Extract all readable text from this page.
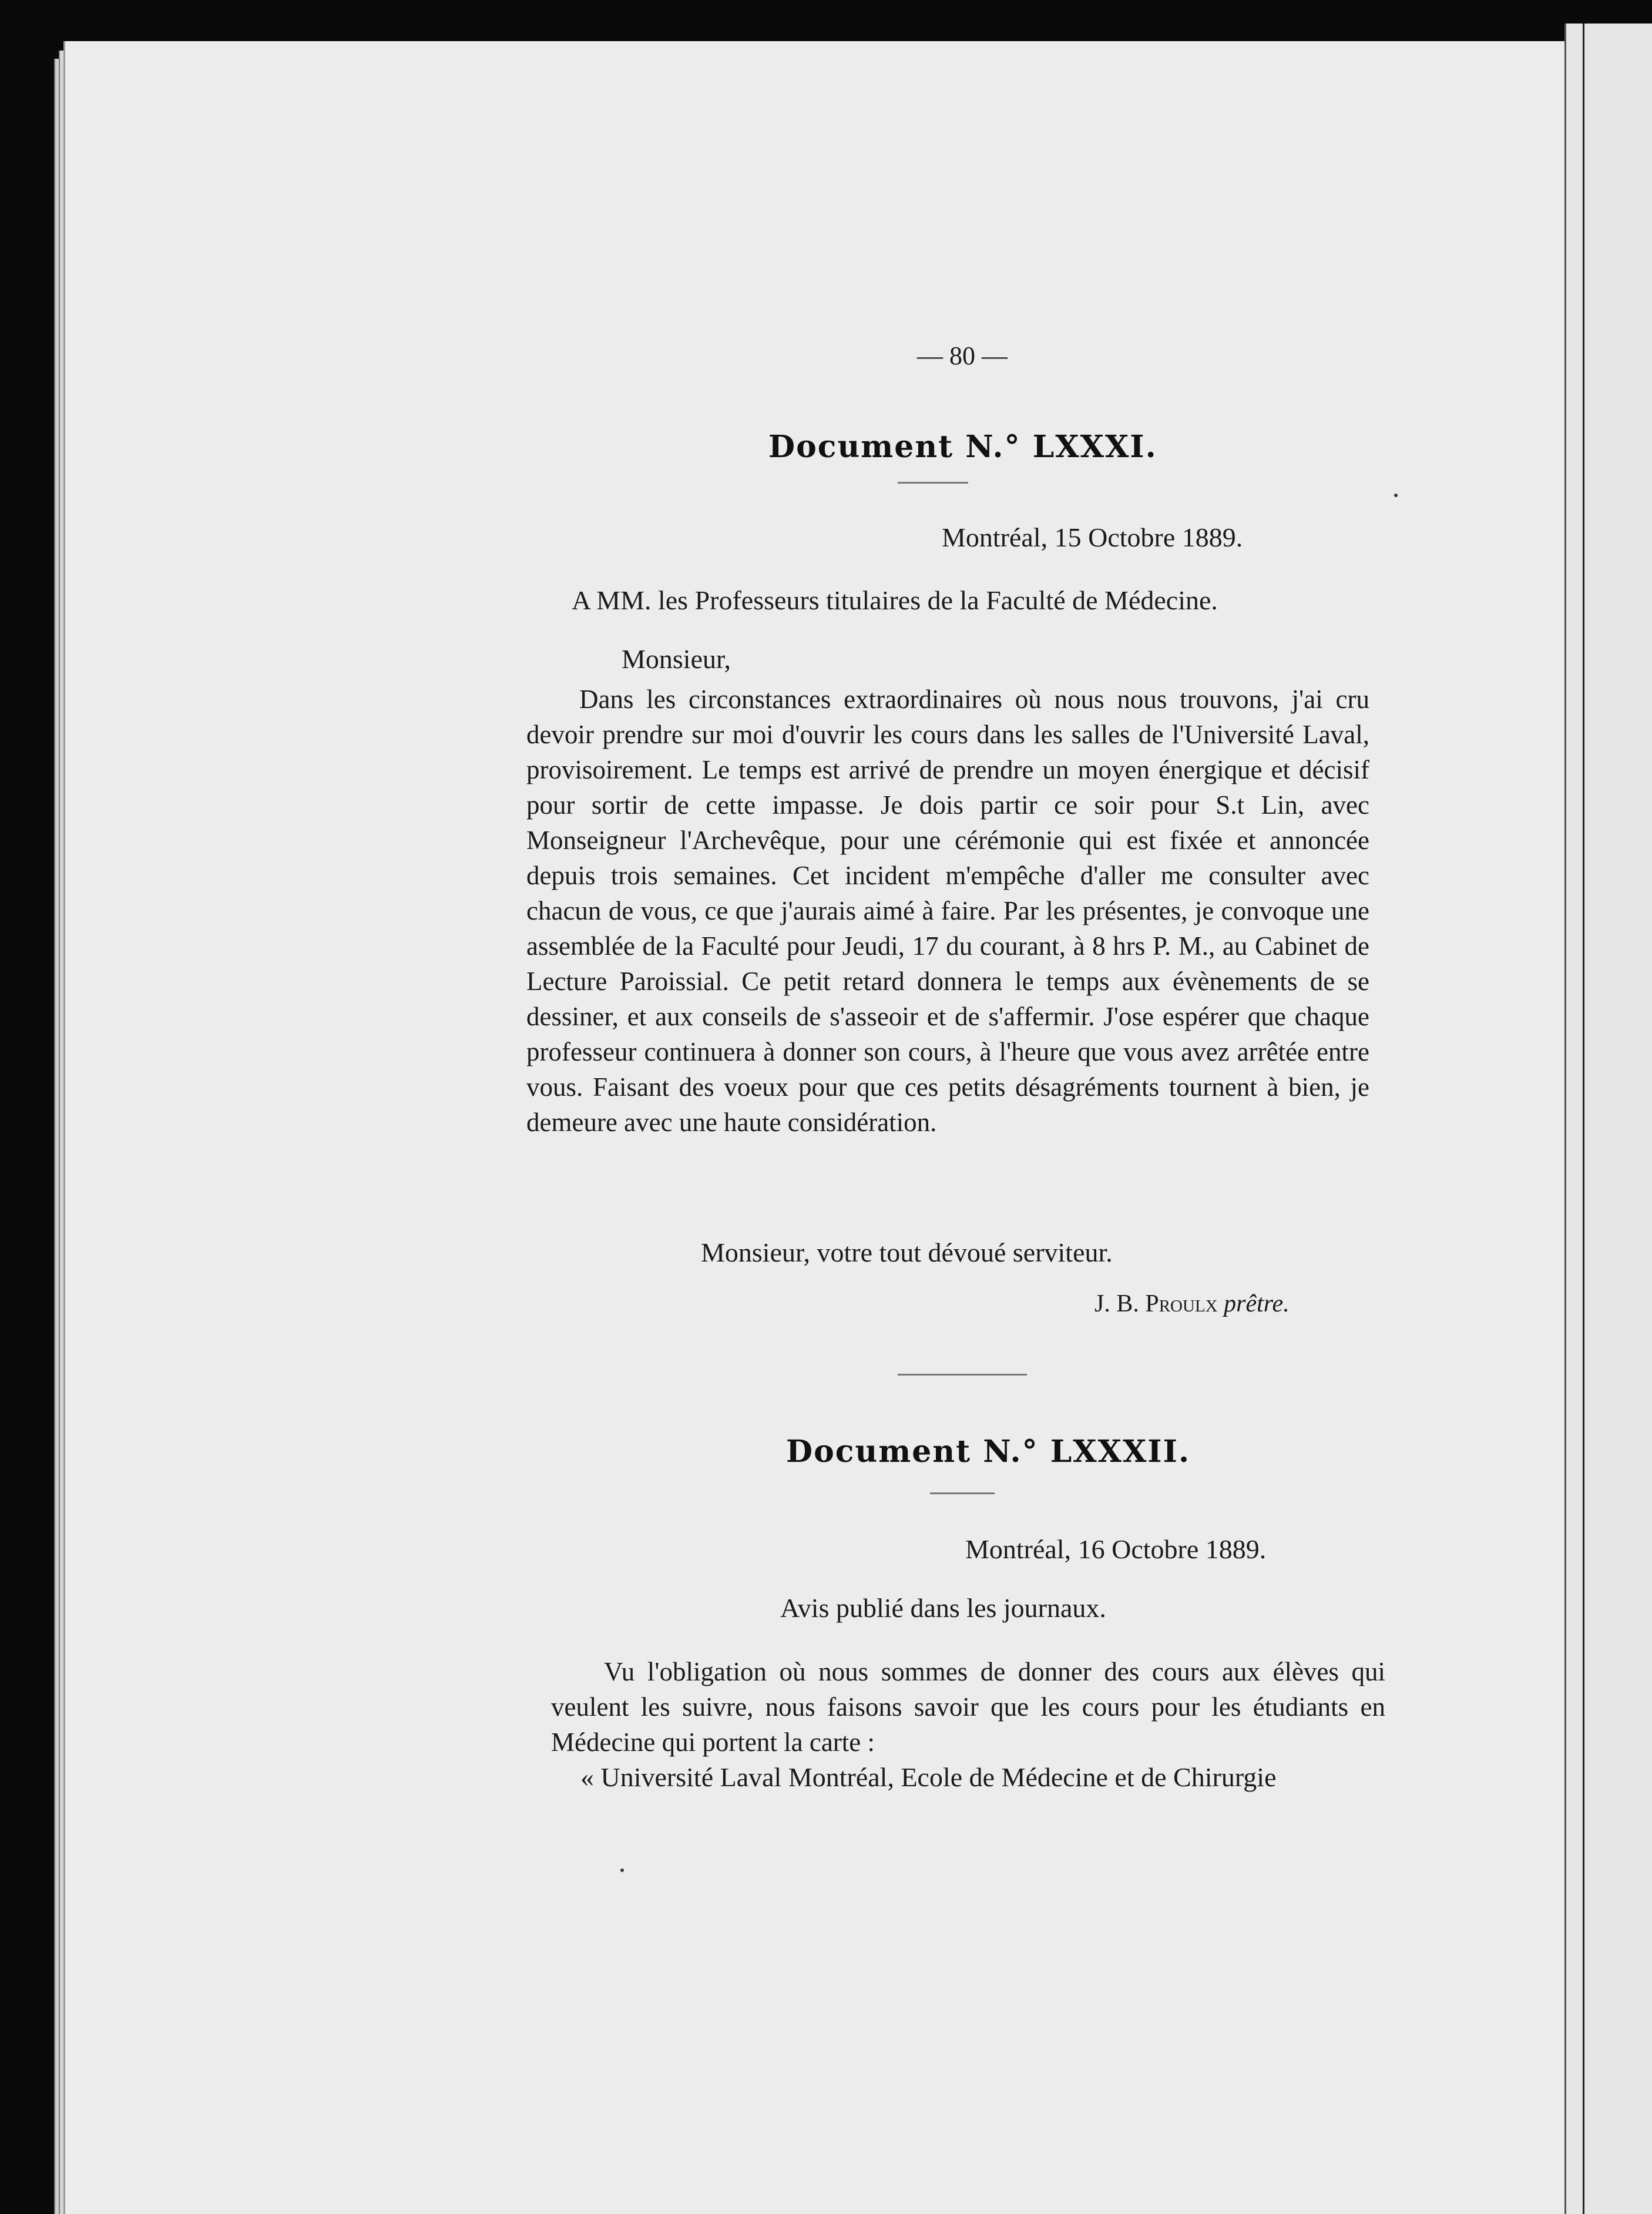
— 80 —

Document N.° LXXXI.

Montréal, 15 Octobre 1889.

A MM. les Professeurs titulaires de la Faculté de Médecine.

Monsieur,

Dans les circonstances extraordinaires où nous nous trouvons, j'ai cru devoir prendre sur moi d'ouvrir les cours dans les salles de l'Université Laval, provisoirement. Le temps est arrivé de prendre un moyen énergique et décisif pour sortir de cette impasse. Je dois partir ce soir pour S.t Lin, avec Monseigneur l'Archevêque, pour une cérémonie qui est fixée et annoncée depuis trois semaines. Cet incident m'empêche d'aller me consulter avec chacun de vous, ce que j'aurais aimé à faire. Par les présentes, je convoque une assemblée de la Faculté pour Jeudi, 17 du courant, à 8 hrs P. M., au Cabinet de Lecture Paroissial. Ce petit retard donnera le temps aux évènements de se dessiner, et aux conseils de s'asseoir et de s'affermir. J'ose espérer que chaque professeur continuera à donner son cours, à l'heure que vous avez arrêtée entre vous. Faisant des voeux pour que ces petits désagréments tournent à bien, je demeure avec une haute considération.

Monsieur, votre tout dévoué serviteur.

J. B. Proulx prêtre.

Document N.° LXXXII.

Montréal, 16 Octobre 1889.

Avis publié dans les journaux.

Vu l'obligation où nous sommes de donner des cours aux élèves qui veulent les suivre, nous faisons savoir que les cours pour les étudiants en Médecine qui portent la carte :

« Université Laval Montréal, Ecole de Médecine et de Chirurgie
